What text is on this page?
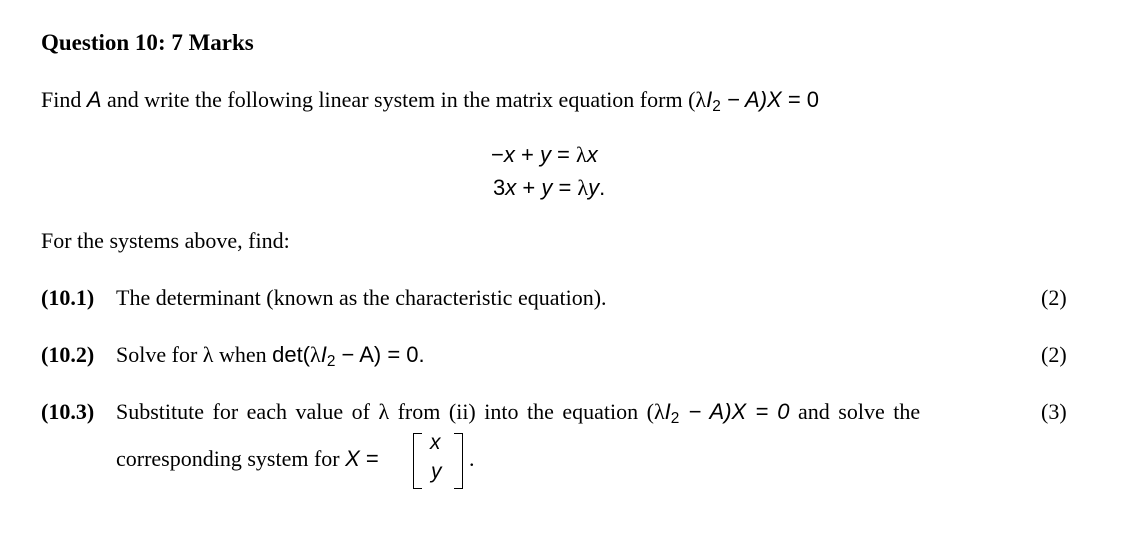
Question 10: 7 Marks
Find A and write the following linear system in the matrix equation form $(\lambda I_2 - A)X = 0$
−x + y = λx
3x + y = λy.
For the systems above, find:
(10.1) The determinant (known as the characteristic equation).	(2)
(10.2) Solve for λ when $\det(\lambda I_2 - A) = 0$.	(2)
(10.3) Substitute for each value of λ from (ii) into the equation $(\lambda I_2 - A)X = 0$ and solve the	(3)
corresponding system for X =
x
y
.
